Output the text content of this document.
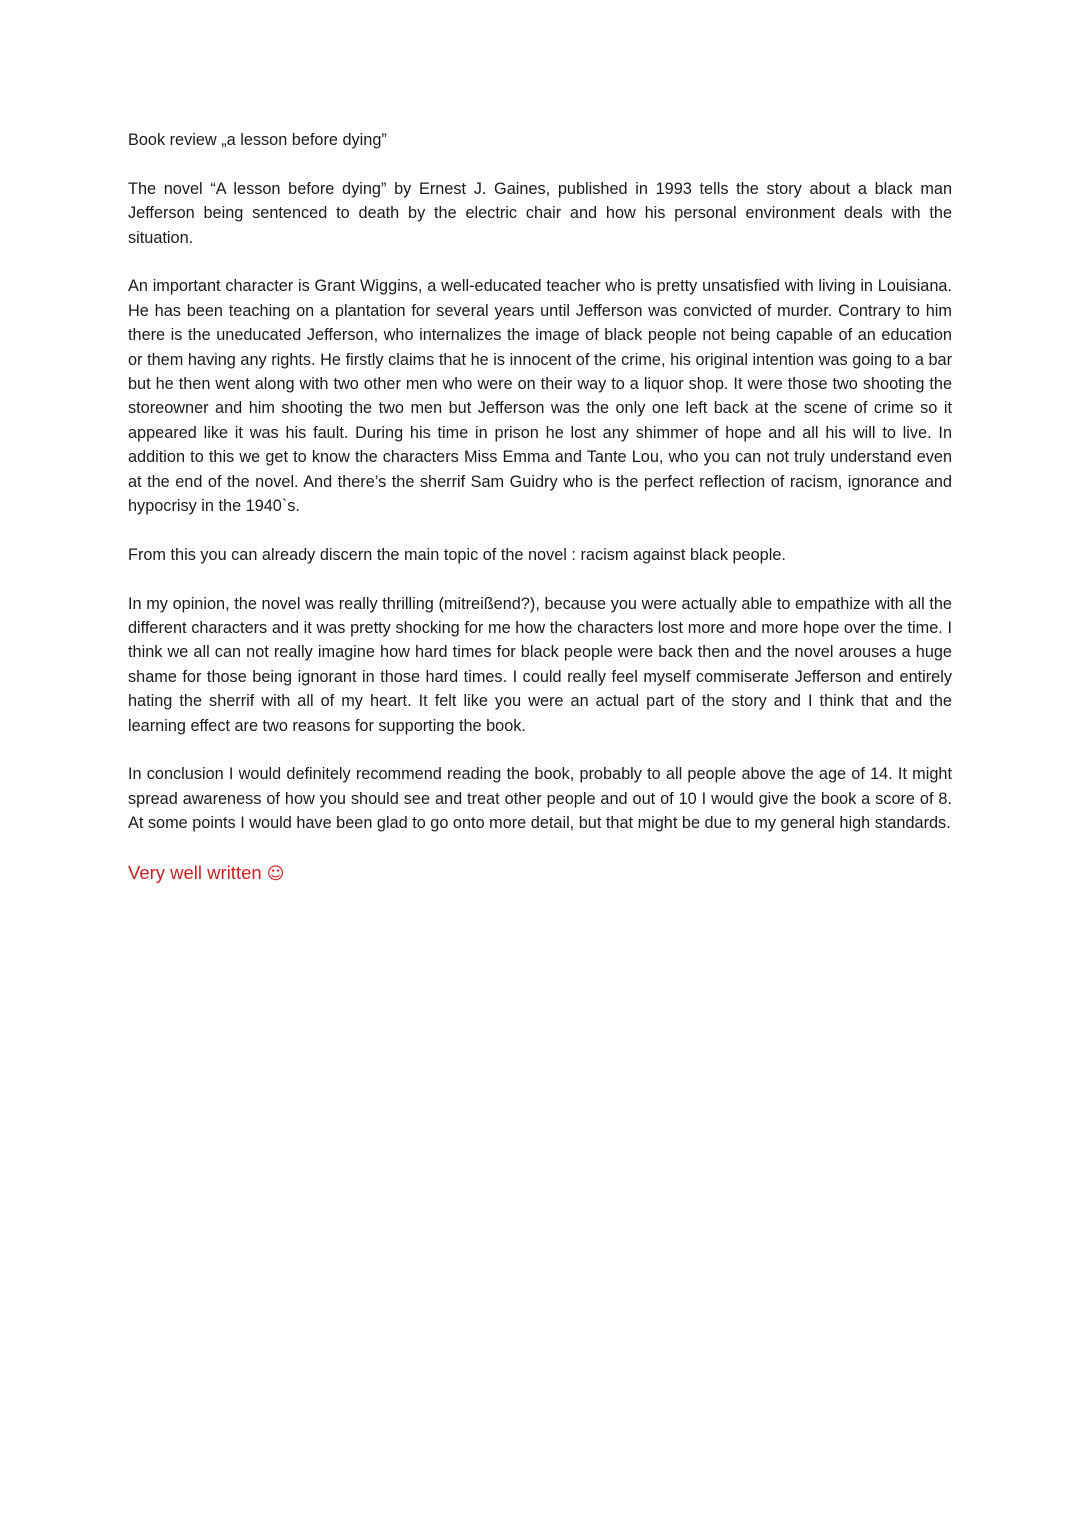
Book review „a lesson before dying”

The novel “A lesson before dying” by Ernest J. Gaines, published in 1993 tells the story about a black man Jefferson being sentenced to death by the electric chair and how his personal environment deals with the situation.

An important character is Grant Wiggins, a well-educated teacher who is pretty unsatisfied with living in Louisiana. He has been teaching on a plantation for several years until Jefferson was convicted of murder. Contrary to him there is the uneducated Jefferson, who internalizes the image of black people not being capable of an education or them having any rights. He firstly claims that he is innocent of the crime, his original intention was going to a bar but he then went along with two other men who were on their way to a liquor shop. It were those two shooting the storeowner and him shooting the two men but Jefferson was the only one left back at the scene of crime so it appeared like it was his fault. During his time in prison he lost any shimmer of hope and all his will to live. In addition to this we get to know the characters Miss Emma and Tante Lou, who you can not truly understand even at the end of the novel. And there’s the sherrif Sam Guidry who is the perfect reflection of racism, ignorance and hypocrisy in the 1940`s.

From this you can already discern the main topic of the novel : racism against black people.

In my opinion, the novel was really thrilling (mitreißend?), because you were actually able to empathize with all the different characters and it was pretty shocking for me how the characters lost more and more hope over the time. I think we all can not really imagine how hard times for black people were back then and the novel arouses a huge shame for those being ignorant in those hard times. I could really feel myself commiserate Jefferson and entirely hating the sherrif with all of my heart. It felt like you were an actual part of the story and I think that and the learning effect are two reasons for supporting the book.

In conclusion I would definitely recommend reading the book, probably to all people above the age of 14. It might spread awareness of how you should see and treat other people and out of 10 I would give the book a score of 8. At some points I would have been glad to go onto more detail, but that might be due to my general high standards.

Very well written ☺
